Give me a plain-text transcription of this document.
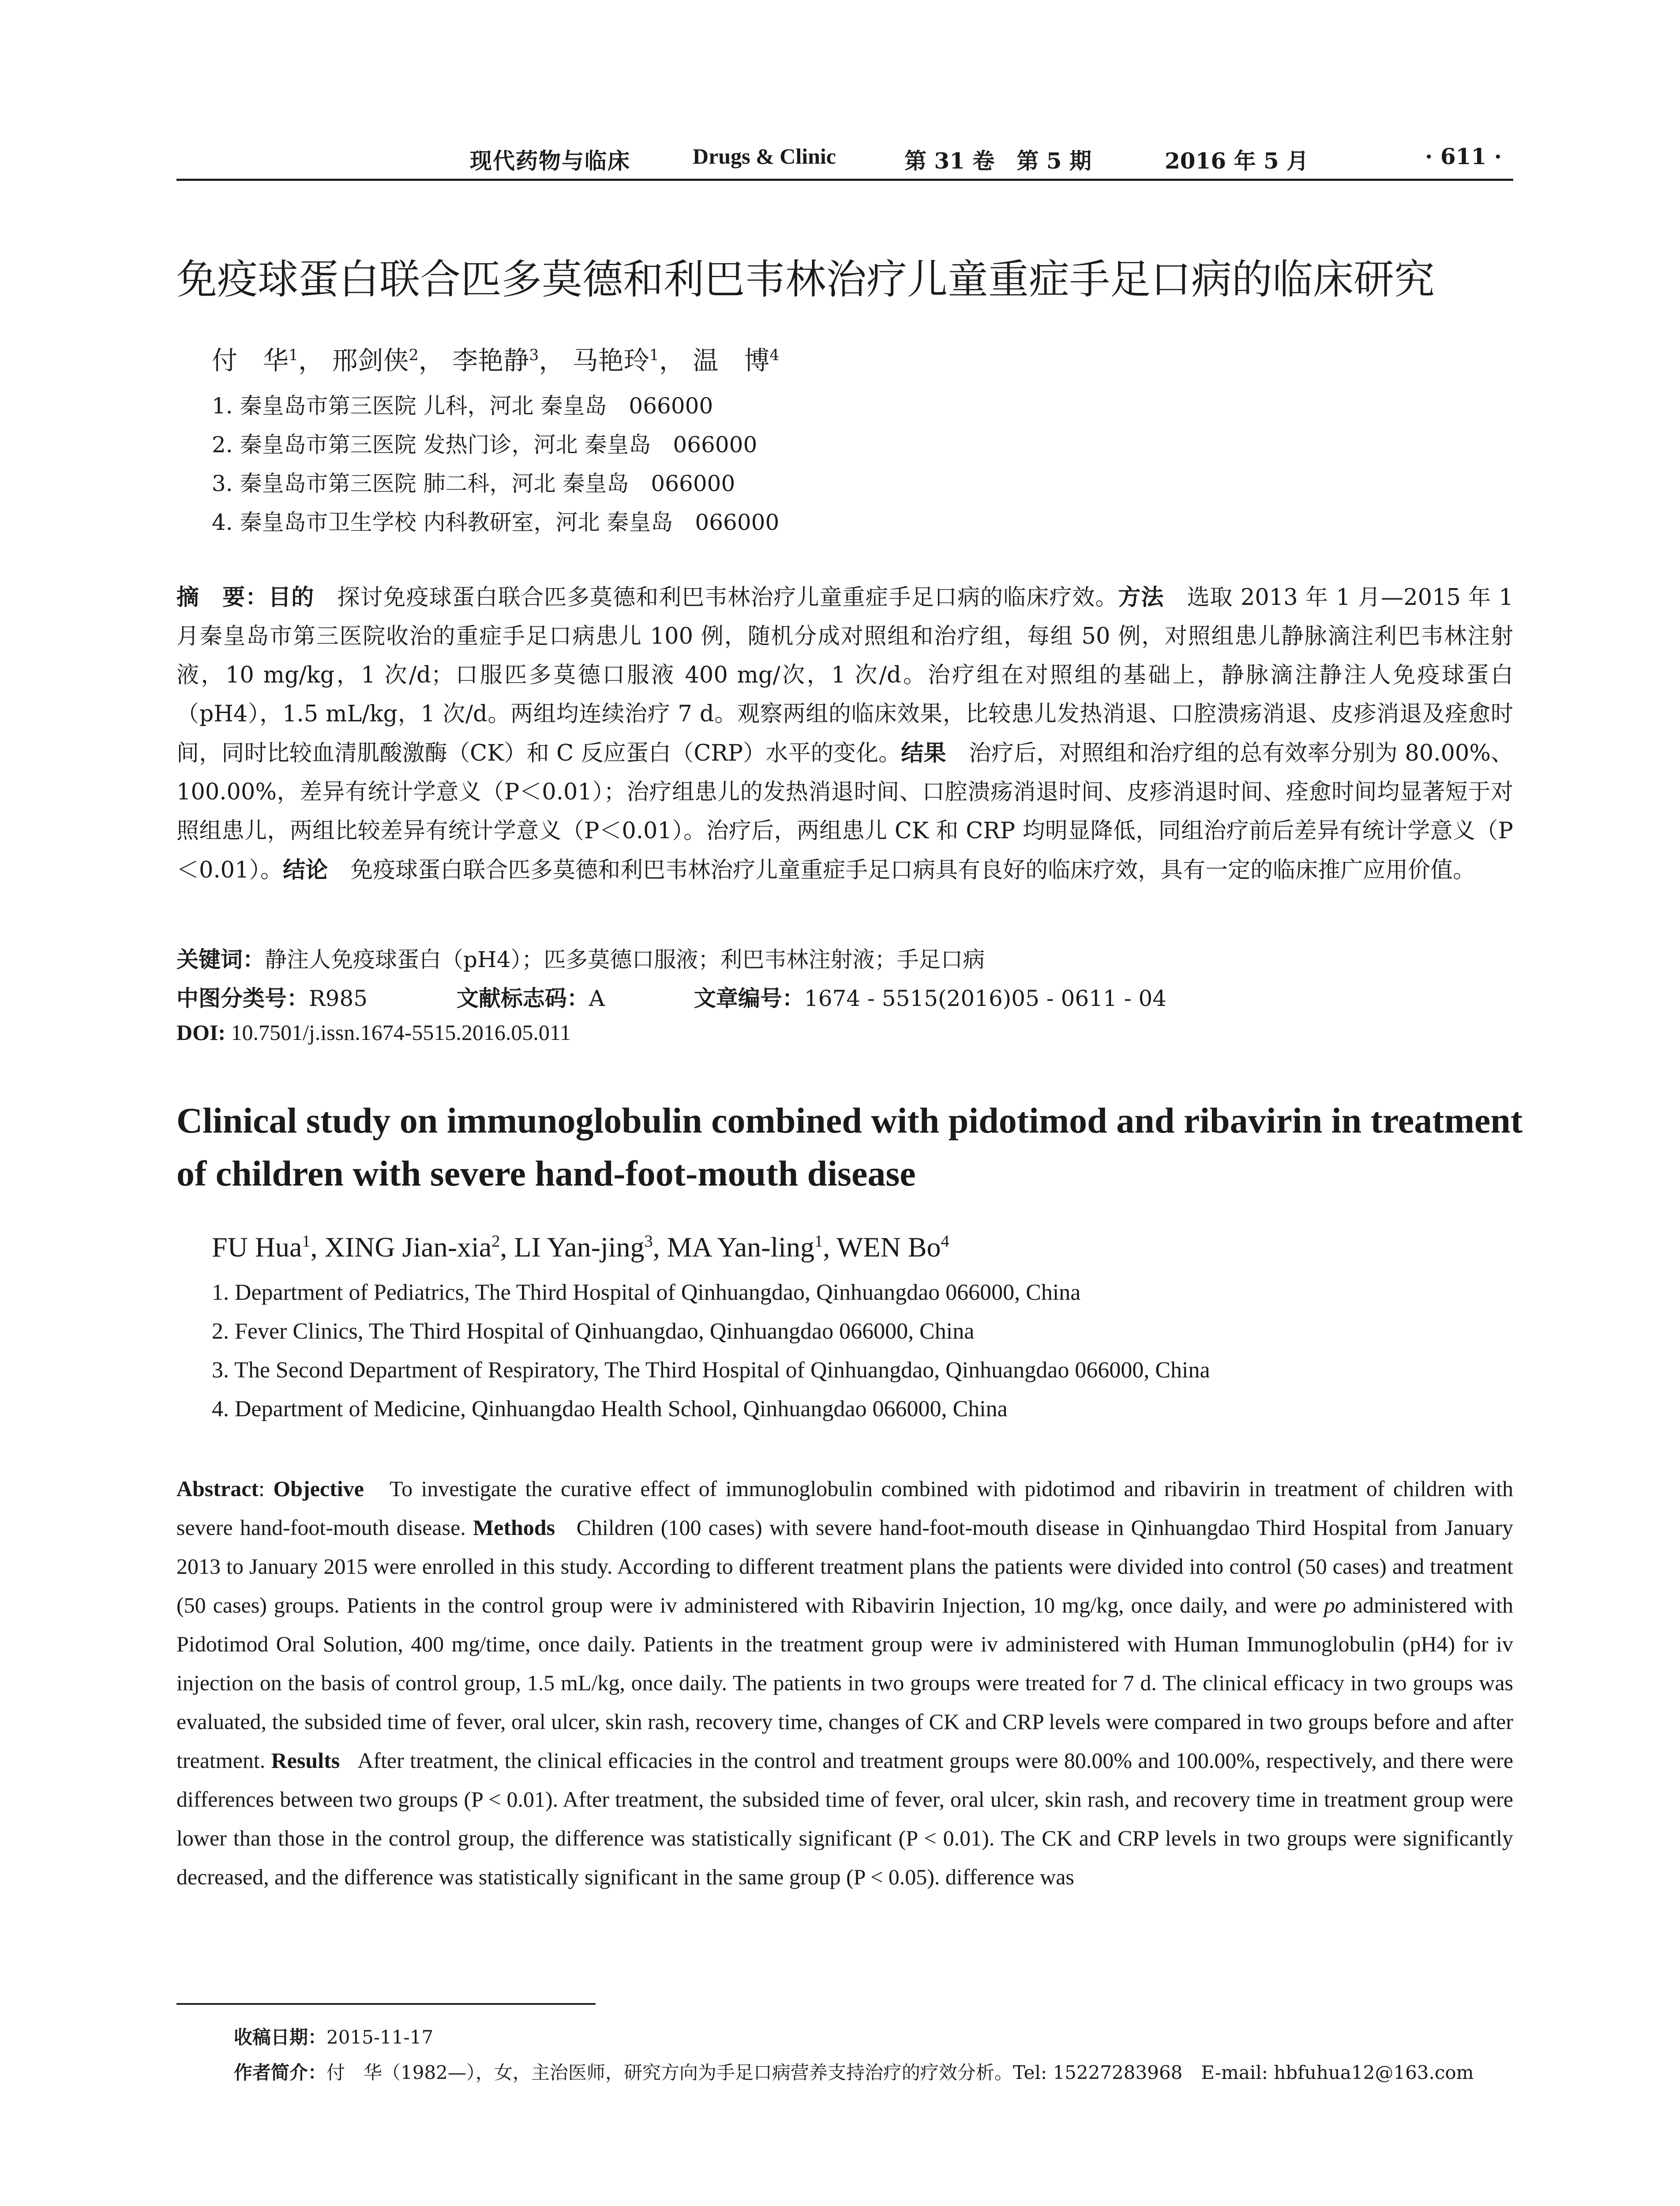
现代药物与临床	Drugs & Clinic	第 31 卷　第 5 期	2016 年 5 月	· 611 ·
免疫球蛋白联合匹多莫德和利巴韦林治疗儿童重症手足口病的临床研究
付　华$^1$， 邢剑侠$^2$， 李艳静$^3$， 马艳玲$^1$， 温　博$^4$
1. 秦皇岛市第三医院 儿科，河北 秦皇岛　066000
2. 秦皇岛市第三医院 发热门诊，河北 秦皇岛　066000
3. 秦皇岛市第三医院 肺二科，河北 秦皇岛　066000
4. 秦皇岛市卫生学校 内科教研室，河北 秦皇岛　066000
摘　要：目的　 探讨免疫球蛋白联合匹多莫德和利巴韦林治疗儿童重症手足口病的临床疗效。方法　 选取 2013 年 1 月—2015 年 1 月秦皇岛市第三医院收治的重症手足口病患儿 100 例，随机分成对照组和治疗组，每组 50 例，对照组患儿静脉滴注利巴韦林注射液，10 mg/kg，1 次/d；口服匹多莫德口服液 400 mg/次，1 次/d。治疗组在对照组的基础上，静脉滴注静注人免疫球蛋白（pH4），1.5 mL/kg，1 次/d。两组均连续治疗 7 d。观察两组的临床效果，比较患儿发热消退、口腔溃疡消退、皮疹消退及痊愈时间，同时比较血清肌酸激酶（CK）和 C 反应蛋白（CRP）水平的变化。结果　 治疗后，对照组和治疗组的总有效率分别为 80.00%、100.00%，差异有统计学意义（P＜0.01）；治疗组患儿的发热消退时间、口腔溃疡消退时间、皮疹消退时间、痊愈时间均显著短于对照组患儿，两组比较差异有统计学意义（P＜0.01）。治疗后，两组患儿 CK 和 CRP 均明显降低，同组治疗前后差异有统计学意义（P＜0.01）。结论　 免疫球蛋白联合匹多莫德和利巴韦林治疗儿童重症手足口病具有良好的临床疗效，具有一定的临床推广应用价值。
关键词：静注人免疫球蛋白（pH4）；匹多莫德口服液；利巴韦林注射液；手足口病
中图分类号：R985	文献标志码：A	文章编号：1674 - 5515(2016)05 - 0611 - 04
DOI: 10.7501/j.issn.1674-5515.2016.05.011
Clinical study on immunoglobulin combined with pidotimod and ribavirin in treatment of children with severe hand-foot-mouth disease
FU Hua$^1$, XING Jian-xia$^2$, LI Yan-jing$^3$, MA Yan-ling$^1$, WEN Bo$^4$
1. Department of Pediatrics, The Third Hospital of Qinhuangdao, Qinhuangdao 066000, China
2. Fever Clinics, The Third Hospital of Qinhuangdao, Qinhuangdao 066000, China
3. The Second Department of Respiratory, The Third Hospital of Qinhuangdao, Qinhuangdao 066000, China
4. Department of Medicine, Qinhuangdao Health School, Qinhuangdao 066000, China
Abstract: Objective To investigate the curative effect of immunoglobulin combined with pidotimod and ribavirin in treatment of children with severe hand-foot-mouth disease. Methods Children (100 cases) with severe hand-foot-mouth disease in Qinhuangdao Third Hospital from January 2013 to January 2015 were enrolled in this study. According to different treatment plans the patients were divided into control (50 cases) and treatment (50 cases) groups. Patients in the control group were iv administered with Ribavirin Injection, 10 mg/kg, once daily, and were po administered with Pidotimod Oral Solution, 400 mg/time, once daily. Patients in the treatment group were iv administered with Human Immunoglobulin (pH4) for iv injection on the basis of control group, 1.5 mL/kg, once daily. The patients in two groups were treated for 7 d. The clinical efficacy in two groups was evaluated, the subsided time of fever, oral ulcer, skin rash, recovery time, changes of CK and CRP levels were compared in two groups before and after treatment. Results After treatment, the clinical efficacies in the control and treatment groups were 80.00% and 100.00%, respectively, and there were differences between two groups (P < 0.01). After treatment, the subsided time of fever, oral ulcer, skin rash, and recovery time in treatment group were lower than those in the control group, the difference was statistically significant (P < 0.01). The CK and CRP levels in two groups were significantly decreased, and the difference was statistically significant in the same group (P < 0.05). difference was
收稿日期：2015-11-17
作者简介：付　华（1982—），女，主治医师，研究方向为手足口病营养支持治疗的疗效分析。Tel: 15227283968　E-mail: hbfuhua12@163.com
